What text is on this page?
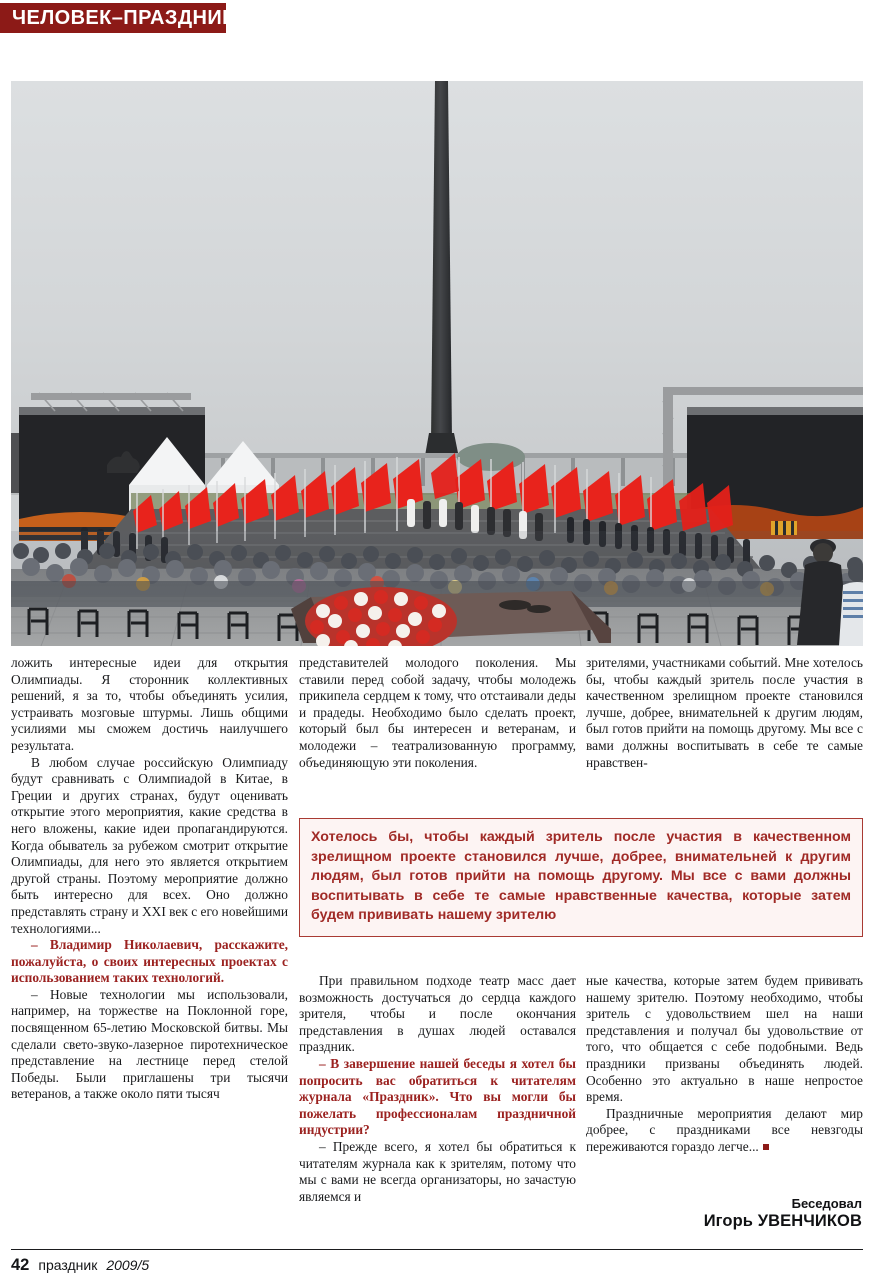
ЧЕЛОВЕК–ПРАЗДНИК

ложить интересные идеи для открытия Олимпиады. Я сторонник коллективных решений, я за то, чтобы объединять усилия, устраивать мозговые штурмы. Лишь общими усилиями мы сможем достичь наилучшего результата.

В любом случае российскую Олимпиаду будут сравнивать с Олимпиадой в Китае, в Греции и других странах, будут оценивать открытие этого мероприятия, какие средства в него вложены, какие идеи пропагандируются. Когда обыватель за рубежом смотрит открытие Олимпиады, для него это является открытием другой страны. Поэтому мероприятие должно быть интересно для всех. Оно должно представлять страну и XXI век с его новейшими технологиями...

– Владимир Николаевич, расскажите, пожалуйста, о своих интересных проектах с использованием таких технологий.

– Новые технологии мы использовали, например, на торжестве на Поклонной горе, посвященном 65-летию Московской битвы. Мы сделали свето-звуко-лазерное пиротехническое представление на лестнице перед стелой Победы. Были приглашены три тысячи ветеранов, а также около пяти тысяч

представителей молодого поколения. Мы ставили перед собой задачу, чтобы молодежь прикипела сердцем к тому, что отстаивали деды и прадеды. Необходимо было сделать проект, который был бы интересен и ветеранам, и молодежи – театрализованную программу, объединяющую эти поколения.

зрителями, участниками событий. Мне хотелось бы, чтобы каждый зритель после участия в качественном зрелищном проекте становился лучше, добрее, внимательней к другим людям, был готов прийти на помощь другому. Мы все с вами должны воспитывать в себе те самые нравствен-

Хотелось бы, чтобы каждый зритель после участия в качественном зрелищном проекте становился лучше, добрее, внимательней к другим людям, был готов прийти на помощь другому. Мы все с вами должны воспитывать в себе те самые нравственные качества, которые затем будем прививать нашему зрителю

При правильном подходе театр масс дает возможность достучаться до сердца каждого зрителя, чтобы и после окончания представления в душах людей оставался праздник.

– В завершение нашей беседы я хотел бы попросить вас обратиться к читателям журнала «Праздник». Что вы могли бы пожелать профессионалам праздничной индустрии?

– Прежде всего, я хотел бы обратиться к читателям журнала как к зрителям, потому что мы с вами не всегда организаторы, но зачастую являемся и

ные качества, которые затем будем прививать нашему зрителю. Поэтому необходимо, чтобы зритель с удовольствием шел на наши представления и получал бы удовольствие от того, что общается с себе подобными. Ведь праздники призваны объединять людей. Особенно это актуально в наше непростое время.

Праздничные мероприятия делают мир добрее, с праздниками все невзгоды переживаются гораздо легче...

Беседовал
Игорь УВЕНЧИКОВ
42 праздник 2009/5
